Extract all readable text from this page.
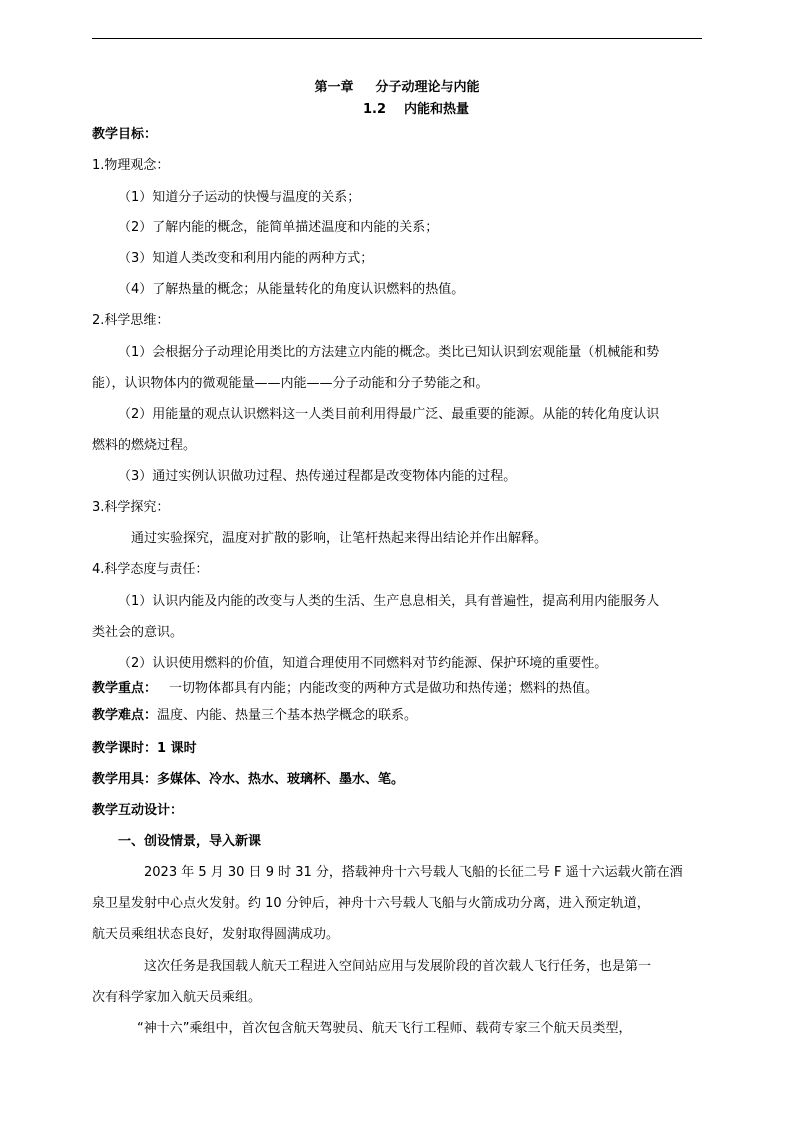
第一章 分子动理论与内能
1.2 内能和热量
教学目标：
1.物理观念：
（1）知道分子运动的快慢与温度的关系；
（2）了解内能的概念，能简单描述温度和内能的关系；
（3）知道人类改变和利用内能的两种方式；
（4）了解热量的概念；从能量转化的角度认识燃料的热值。
2.科学思维：
（1）会根据分子动理论用类比的方法建立内能的概念。类比已知认识到宏观能量（机械能和势
能），认识物体内的微观能量——内能——分子动能和分子势能之和。
（2）用能量的观点认识燃料这一人类目前利用得最广泛、最重要的能源。从能的转化角度认识
燃料的燃烧过程。
（3）通过实例认识做功过程、热传递过程都是改变物体内能的过程。
3.科学探究：
通过实验探究，温度对扩散的影响，让笔杆热起来得出结论并作出解释。
4.科学态度与责任：
（1）认识内能及内能的改变与人类的生活、生产息息相关，具有普遍性，提高利用内能服务人
类社会的意识。
（2）认识使用燃料的价值，知道合理使用不同燃料对节约能源、保护环境的重要性。
教学重点： 一切物体都具有内能；内能改变的两种方式是做功和热传递；燃料的热值。
教学难点：温度、内能、热量三个基本热学概念的联系。
教学课时：1 课时
教学用具：多媒体、冷水、热水、玻璃杯、墨水、笔。
教学互动设计：
一、创设情景，导入新课
2023 年 5 月 30 日 9 时 31 分，搭载神舟十六号载人飞船的长征二号 F 遥十六运载火箭在酒
泉卫星发射中心点火发射。约 10 分钟后，神舟十六号载人飞船与火箭成功分离，进入预定轨道，
航天员乘组状态良好，发射取得圆满成功。
这次任务是我国载人航天工程进入空间站应用与发展阶段的首次载人飞行任务，也是第一
次有科学家加入航天员乘组。
“神十六”乘组中，首次包含航天驾驶员、航天飞行工程师、载荷专家三个航天员类型，
